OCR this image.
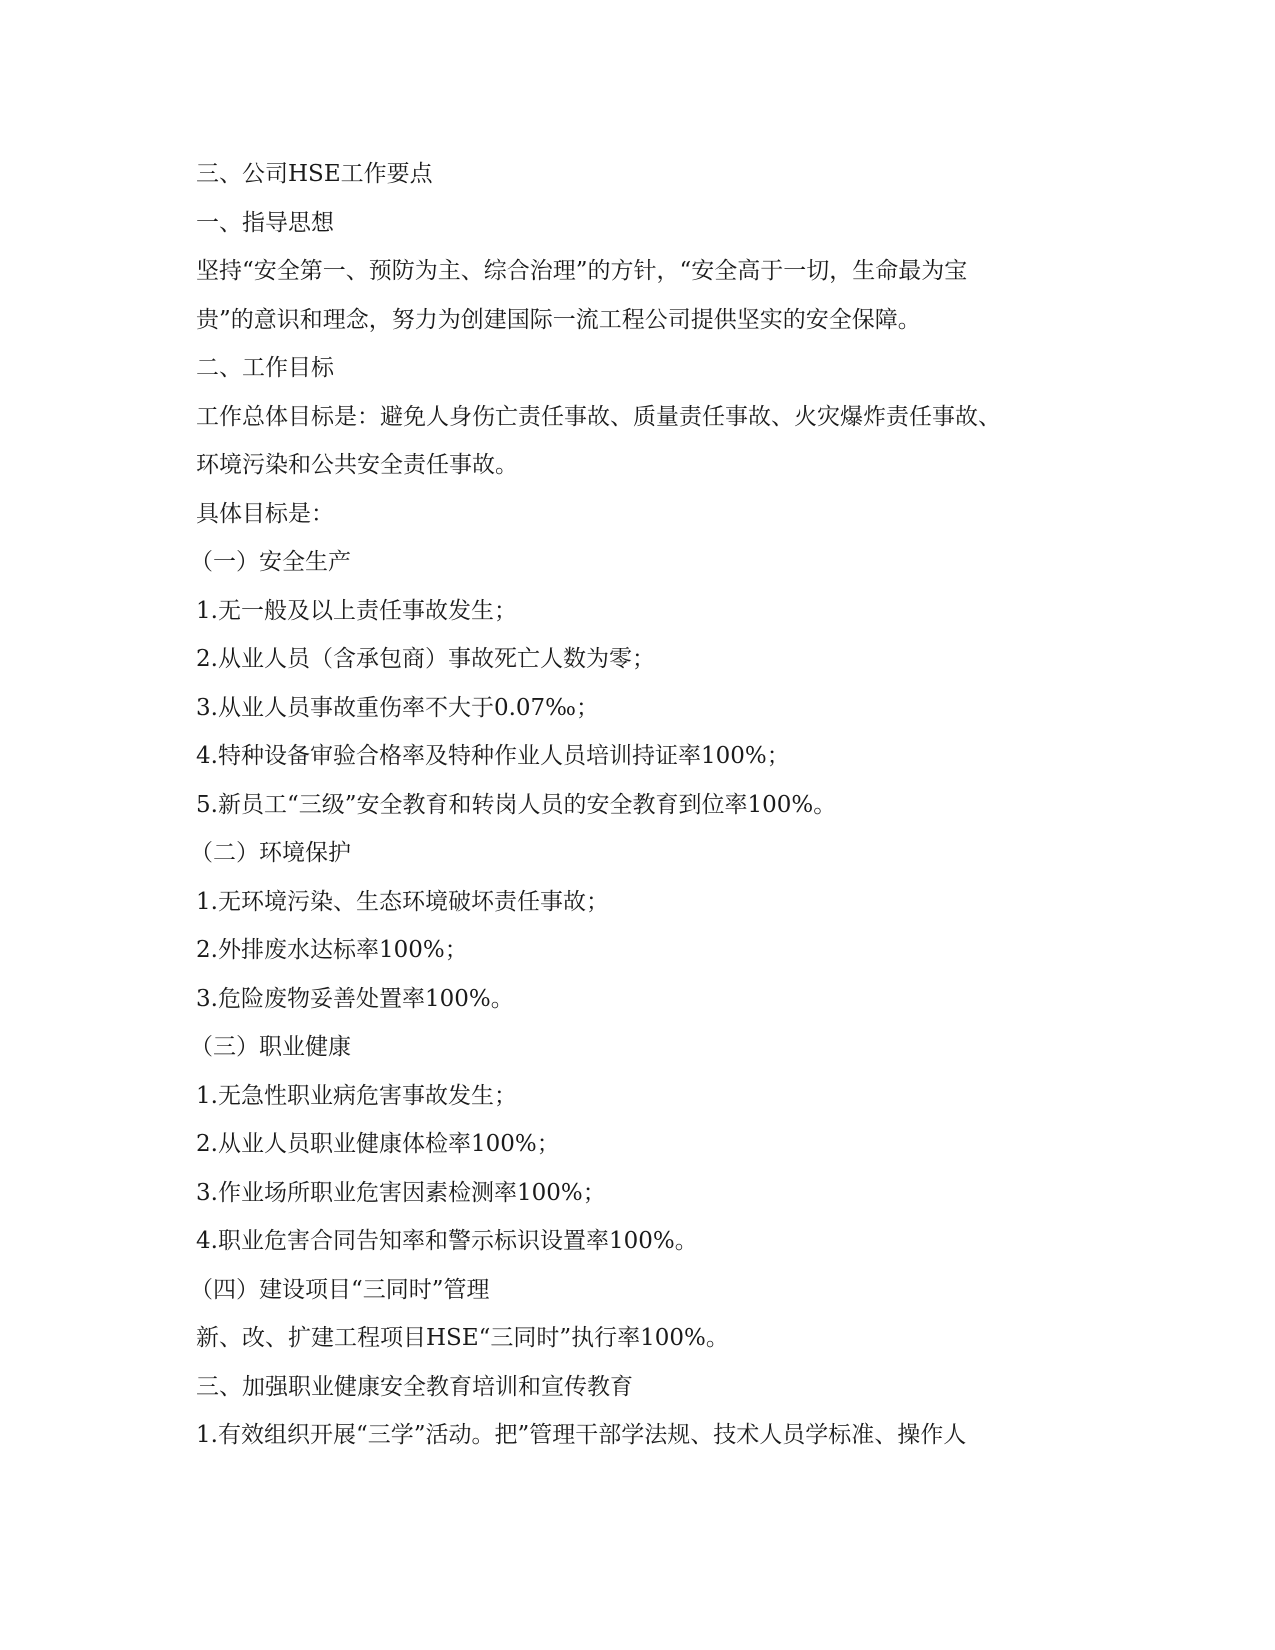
三、公司HSE工作要点
一、指导思想
坚持“安全第一、预防为主、综合治理”的方针，“安全高于一切，生命最为宝
贵”的意识和理念，努力为创建国际一流工程公司提供坚实的安全保障。
二、工作目标
工作总体目标是：避免人身伤亡责任事故、质量责任事故、火灾爆炸责任事故、
环境污染和公共安全责任事故。
具体目标是：
（一）安全生产
1.无一般及以上责任事故发生；
2.从业人员（含承包商）事故死亡人数为零；
3.从业人员事故重伤率不大于0.07‰；
4.特种设备审验合格率及特种作业人员培训持证率100%；
5.新员工“三级”安全教育和转岗人员的安全教育到位率100%。
（二）环境保护
1.无环境污染、生态环境破坏责任事故；
2.外排废水达标率100%；
3.危险废物妥善处置率100%。
（三）职业健康
1.无急性职业病危害事故发生；
2.从业人员职业健康体检率100%；
3.作业场所职业危害因素检测率100%；
4.职业危害合同告知率和警示标识设置率100%。
（四）建设项目“三同时”管理
新、改、扩建工程项目HSE“三同时”执行率100%。
三、加强职业健康安全教育培训和宣传教育
1.有效组织开展“三学”活动。把”管理干部学法规、技术人员学标准、操作人
